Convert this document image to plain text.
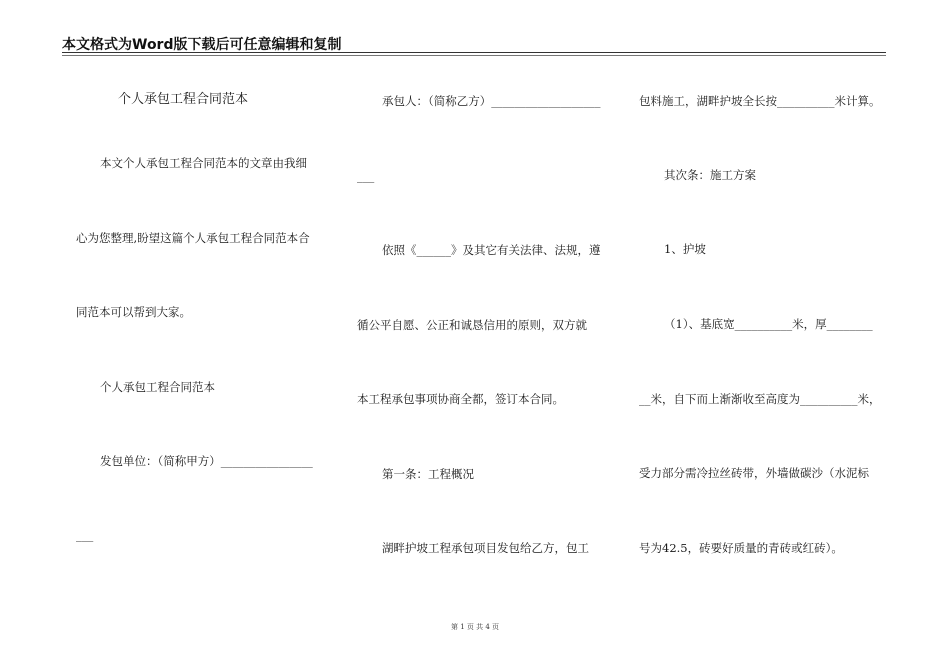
本文格式为Word版下载后可任意编辑和复制
个人承包工程合同范本
本文个人承包工程合同范本的文章由我细
心为您整理,盼望这篇个人承包工程合同范本合
同范本可以帮到大家。
个人承包工程合同范本
发包单位：（简称甲方）________________
___
承包人：（简称乙方）___________________
___
依照《______》及其它有关法律、法规，遵
循公平自愿、公正和诚恳信用的原则，双方就
本工程承包事项协商全都，签订本合同。
第一条：工程概况
湖畔护坡工程承包项目发包给乙方，包工
包料施工，湖畔护坡全长按__________米计算。
其次条：施工方案
1、护坡
（1）、基底宽__________米，厚________
__米，自下而上渐渐收至高度为__________米，
受力部分需冷拉丝砖带，外墙做碳沙（水泥标
号为42.5，砖要好质量的青砖或红砖）。
第 1 页 共 4 页
